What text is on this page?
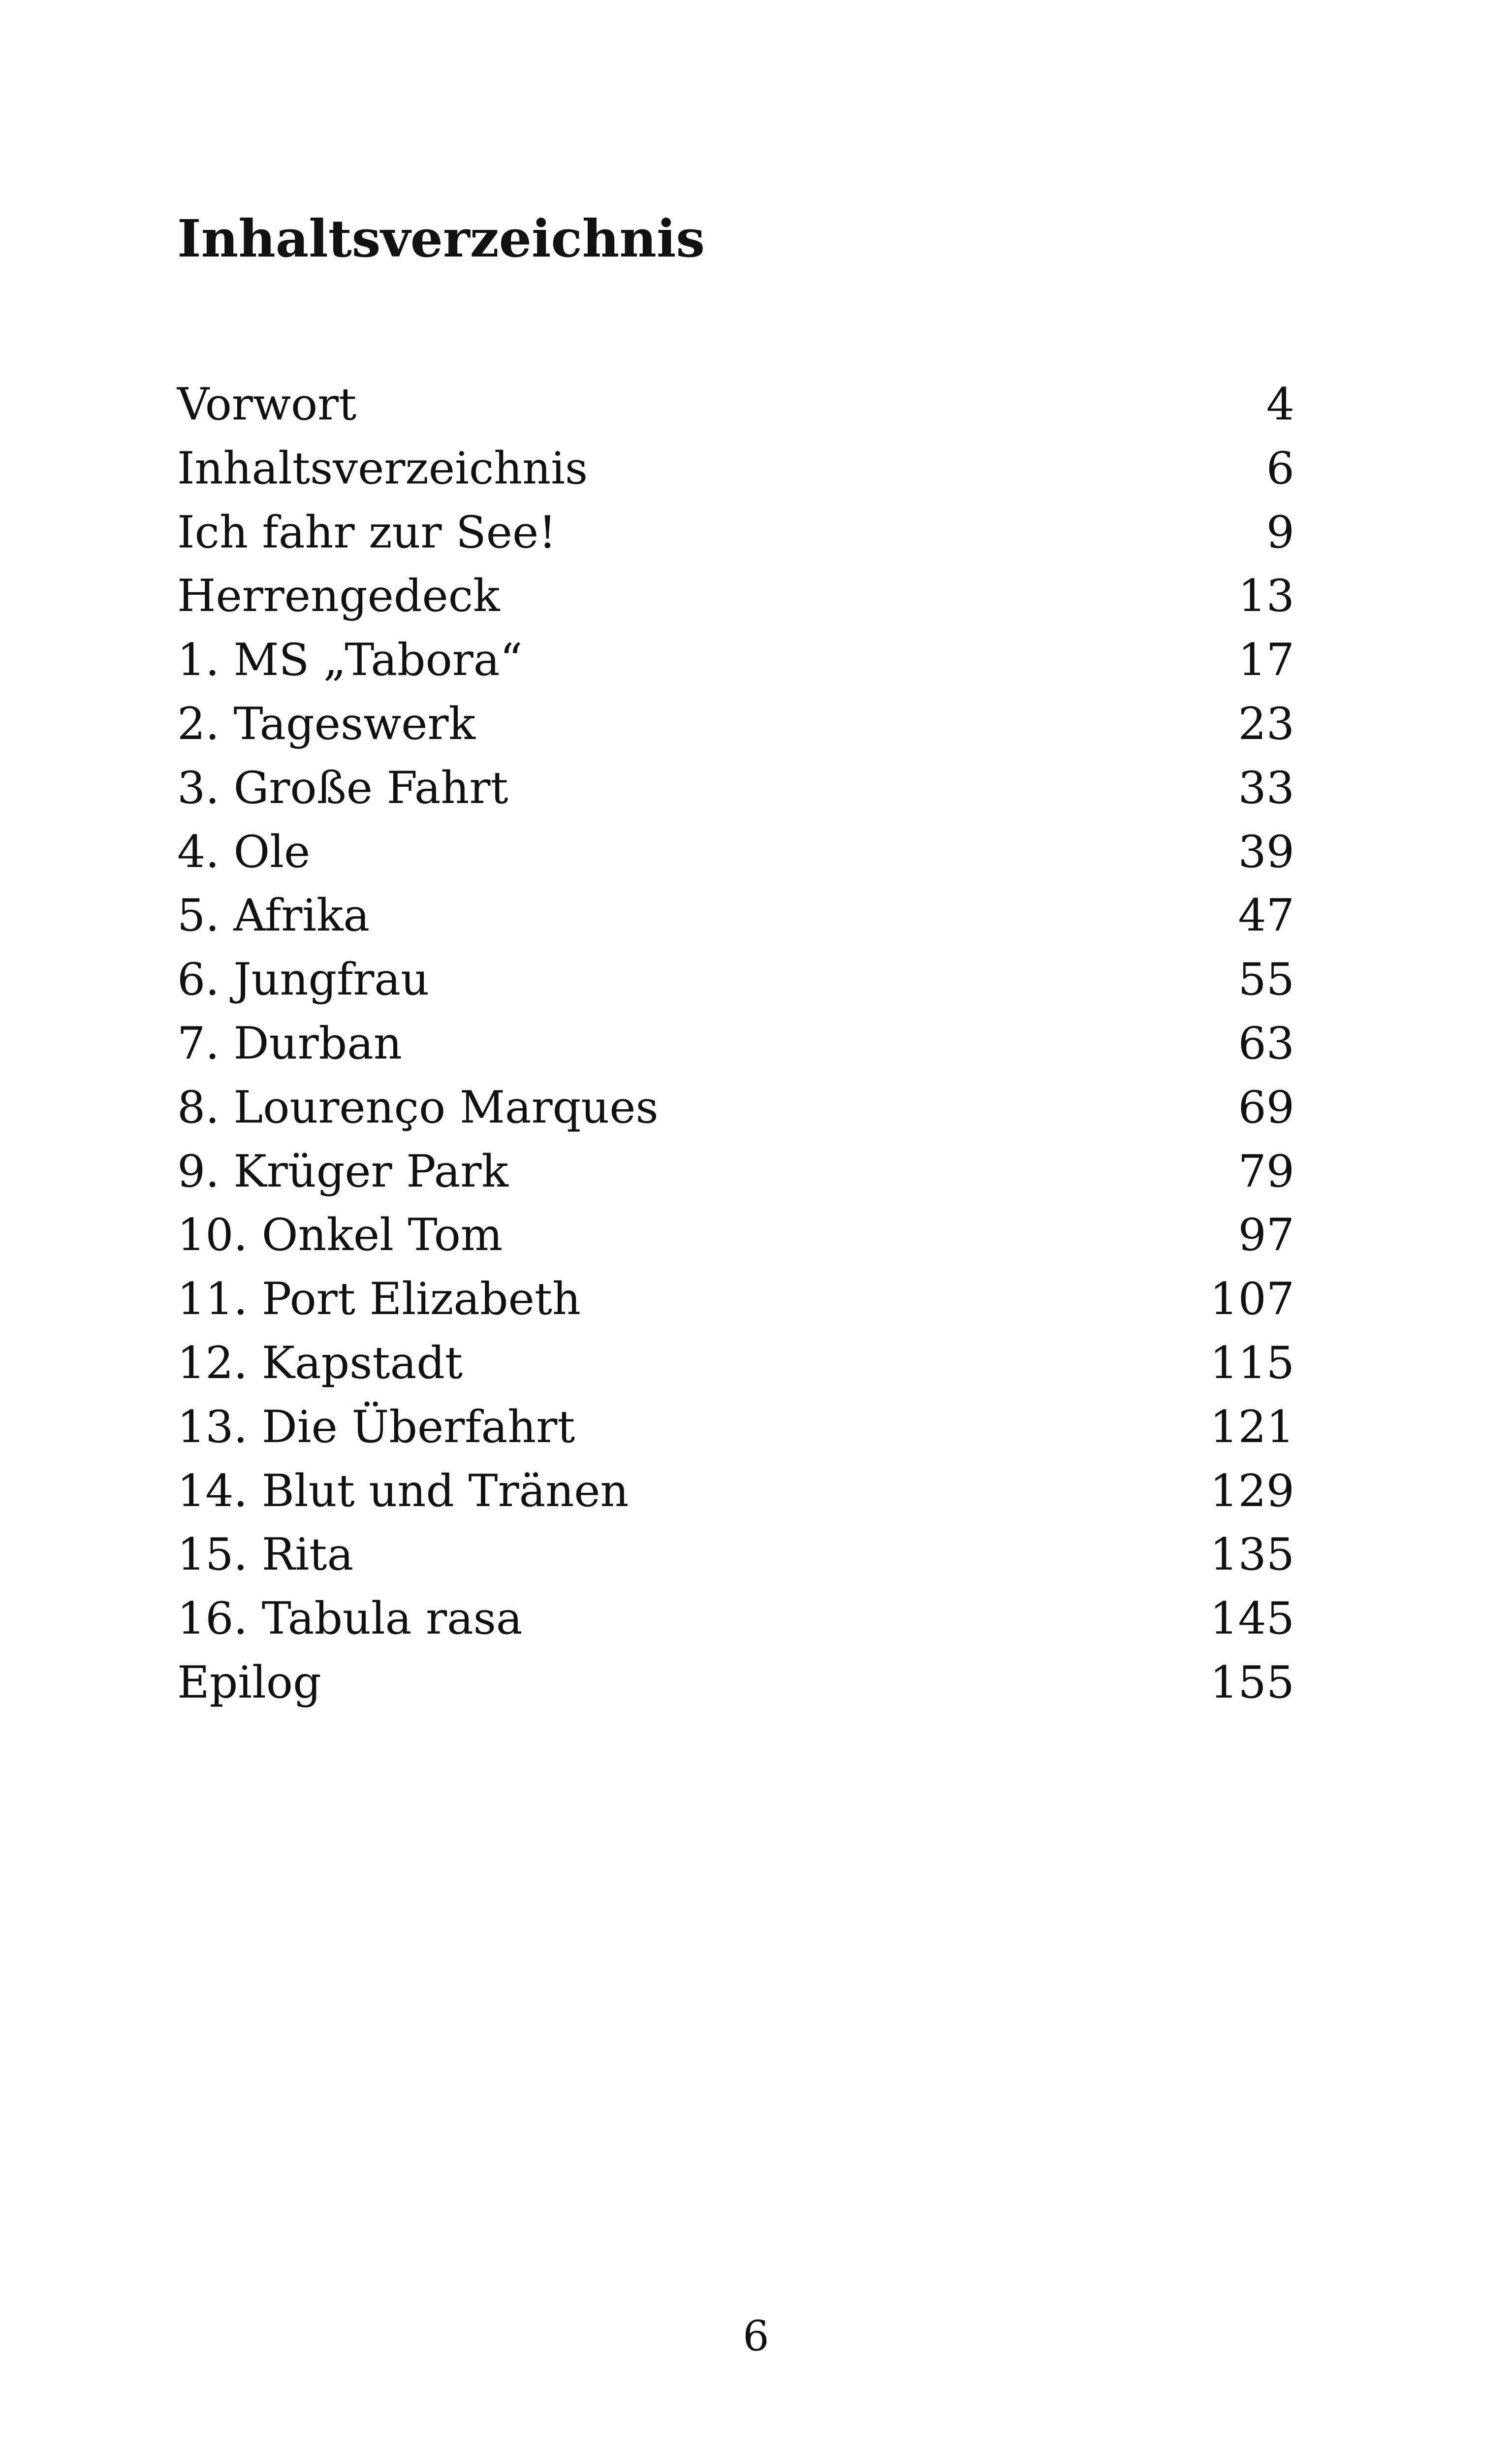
Inhaltsverzeichnis
Vorwort	4
Inhaltsverzeichnis	6
Ich fahr zur See!	9
Herrengedeck	13
1. MS „Tabora“	17
2. Tageswerk	23
3. Große Fahrt	33
4. Ole	39
5. Afrika	47
6. Jungfrau	55
7. Durban	63
8. Lourenço Marques	69
9. Krüger Park	79
10. Onkel Tom	97
11. Port Elizabeth	107
12. Kapstadt	115
13. Die Überfahrt	121
14. Blut und Tränen	129
15. Rita	135
16. Tabula rasa	145
Epilog	155
6
